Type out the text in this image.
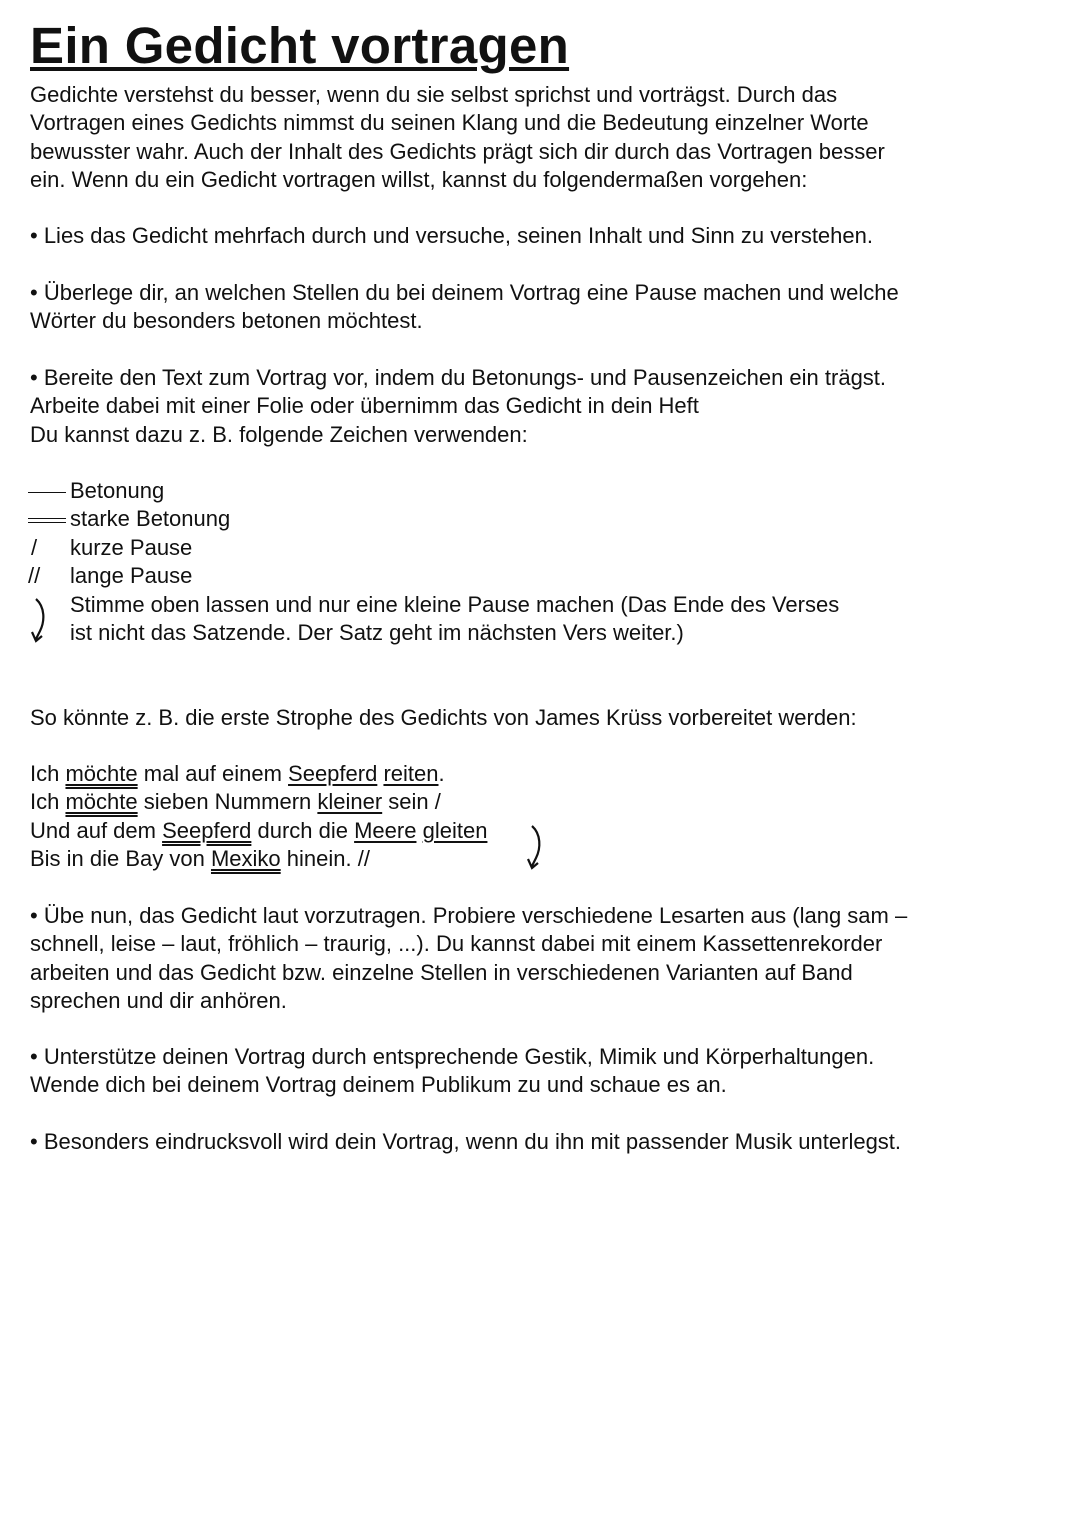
Ein Gedicht vortragen
Gedichte verstehst du besser, wenn du sie selbst sprichst und vorträgst. Durch das
Vortragen eines Gedichts nimmst du seinen Klang und die Bedeutung einzelner Worte
bewusster wahr. Auch der Inhalt des Gedichts prägt sich dir durch das Vortragen besser
ein. Wenn du ein Gedicht vortragen willst, kannst du folgendermaßen vorgehen:
• Lies das Gedicht mehrfach durch und versuche, seinen Inhalt und Sinn zu verstehen.
• Überlege dir, an welchen Stellen du bei deinem Vortrag eine Pause machen und welche
Wörter du besonders betonen möchtest.
• Bereite den Text zum Vortrag vor, indem du Betonungs- und Pausenzeichen ein trägst.
Arbeite dabei mit einer Folie oder übernimm das Gedicht in dein Heft
Du kannst dazu z. B. folgende Zeichen verwenden:
Betonung
starke Betonung
/ kurze Pause
// lange Pause
Stimme oben lassen und nur eine kleine Pause machen (Das Ende des Verses
ist nicht das Satzende. Der Satz geht im nächsten Vers weiter.)
So könnte z. B. die erste Strophe des Gedichts von James Krüss vorbereitet werden:
Ich möchte mal auf einem Seepferd reiten.
Ich möchte sieben Nummern kleiner sein /
Und auf dem Seepferd durch die Meere gleiten
Bis in die Bay von Mexiko hinein. //
• Übe nun, das Gedicht laut vorzutragen. Probiere verschiedene Lesarten aus (lang sam –
schnell, leise – laut, fröhlich – traurig, ...). Du kannst dabei mit einem Kassettenrekorder
arbeiten und das Gedicht bzw. einzelne Stellen in verschiedenen Varianten auf Band
sprechen und dir anhören.
• Unterstütze deinen Vortrag durch entsprechende Gestik, Mimik und Körperhaltungen.
Wende dich bei deinem Vortrag deinem Publikum zu und schaue es an.
• Besonders eindrucksvoll wird dein Vortrag, wenn du ihn mit passender Musik unterlegst.
